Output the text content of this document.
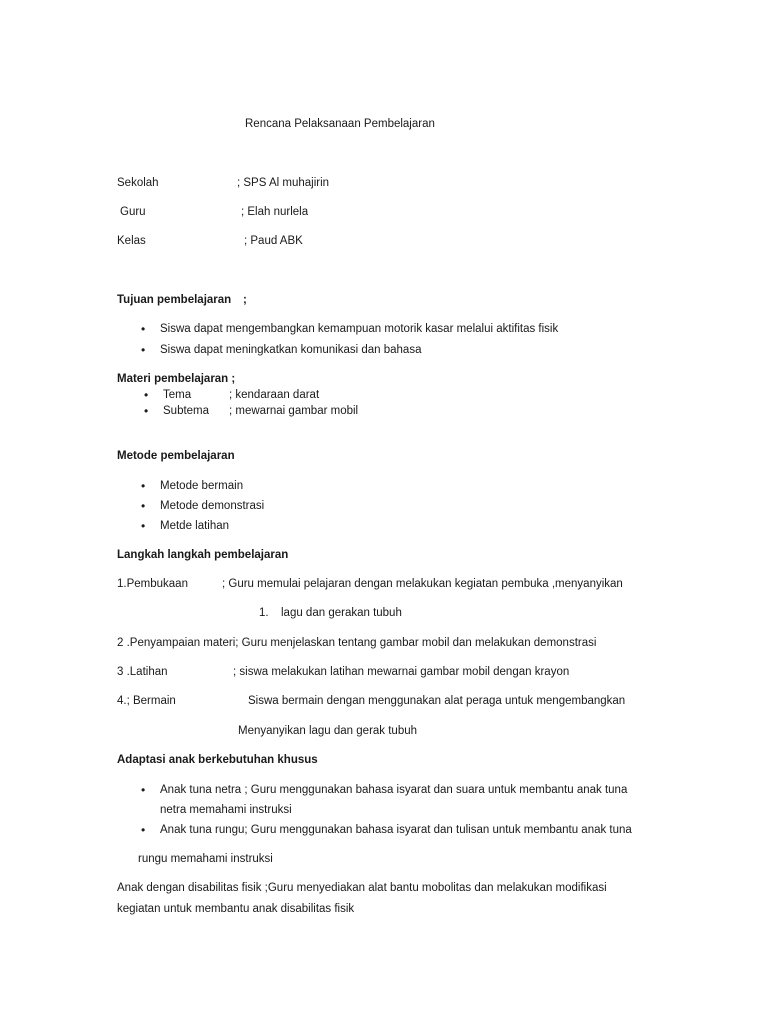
Rencana Pelaksanaan Pembelajaran
Sekolah	; SPS Al muhajirin
Guru	; Elah nurlela
Kelas	; Paud ABK
Tujuan pembelajaran ;
• Siswa dapat mengembangkan kemampuan motorik kasar melalui aktifitas fisik
• Siswa dapat meningkatkan komunikasi dan bahasa
Materi pembelajaran ;
• Tema	; kendaraan darat
• Subtema ; mewarnai gambar mobil
Metode pembelajaran
• Metode bermain
• Metode demonstrasi
• Metde latihan
Langkah langkah pembelajaran
1.Pembukaan	; Guru memulai pelajaran dengan melakukan kegiatan pembuka ,menyanyikan
1. lagu dan gerakan tubuh
2 .Penyampaian materi; Guru menjelaskan tentang gambar mobil dan melakukan demonstrasi
3 .Latihan	; siswa melakukan latihan mewarnai gambar mobil dengan krayon
4.; Bermain	Siswa bermain dengan menggunakan alat peraga untuk mengembangkan
Menyanyikan lagu dan gerak tubuh
Adaptasi anak berkebutuhan khusus
• Anak tuna netra ; Guru menggunakan bahasa isyarat dan suara untuk membantu anak tuna
netra memahami instruksi
• Anak tuna rungu; Guru menggunakan bahasa isyarat dan tulisan untuk membantu anak tuna
rungu memahami instruksi
Anak dengan disabilitas fisik ;Guru menyediakan alat bantu mobolitas dan melakukan modifikasi
kegiatan untuk membantu anak disabilitas fisik
